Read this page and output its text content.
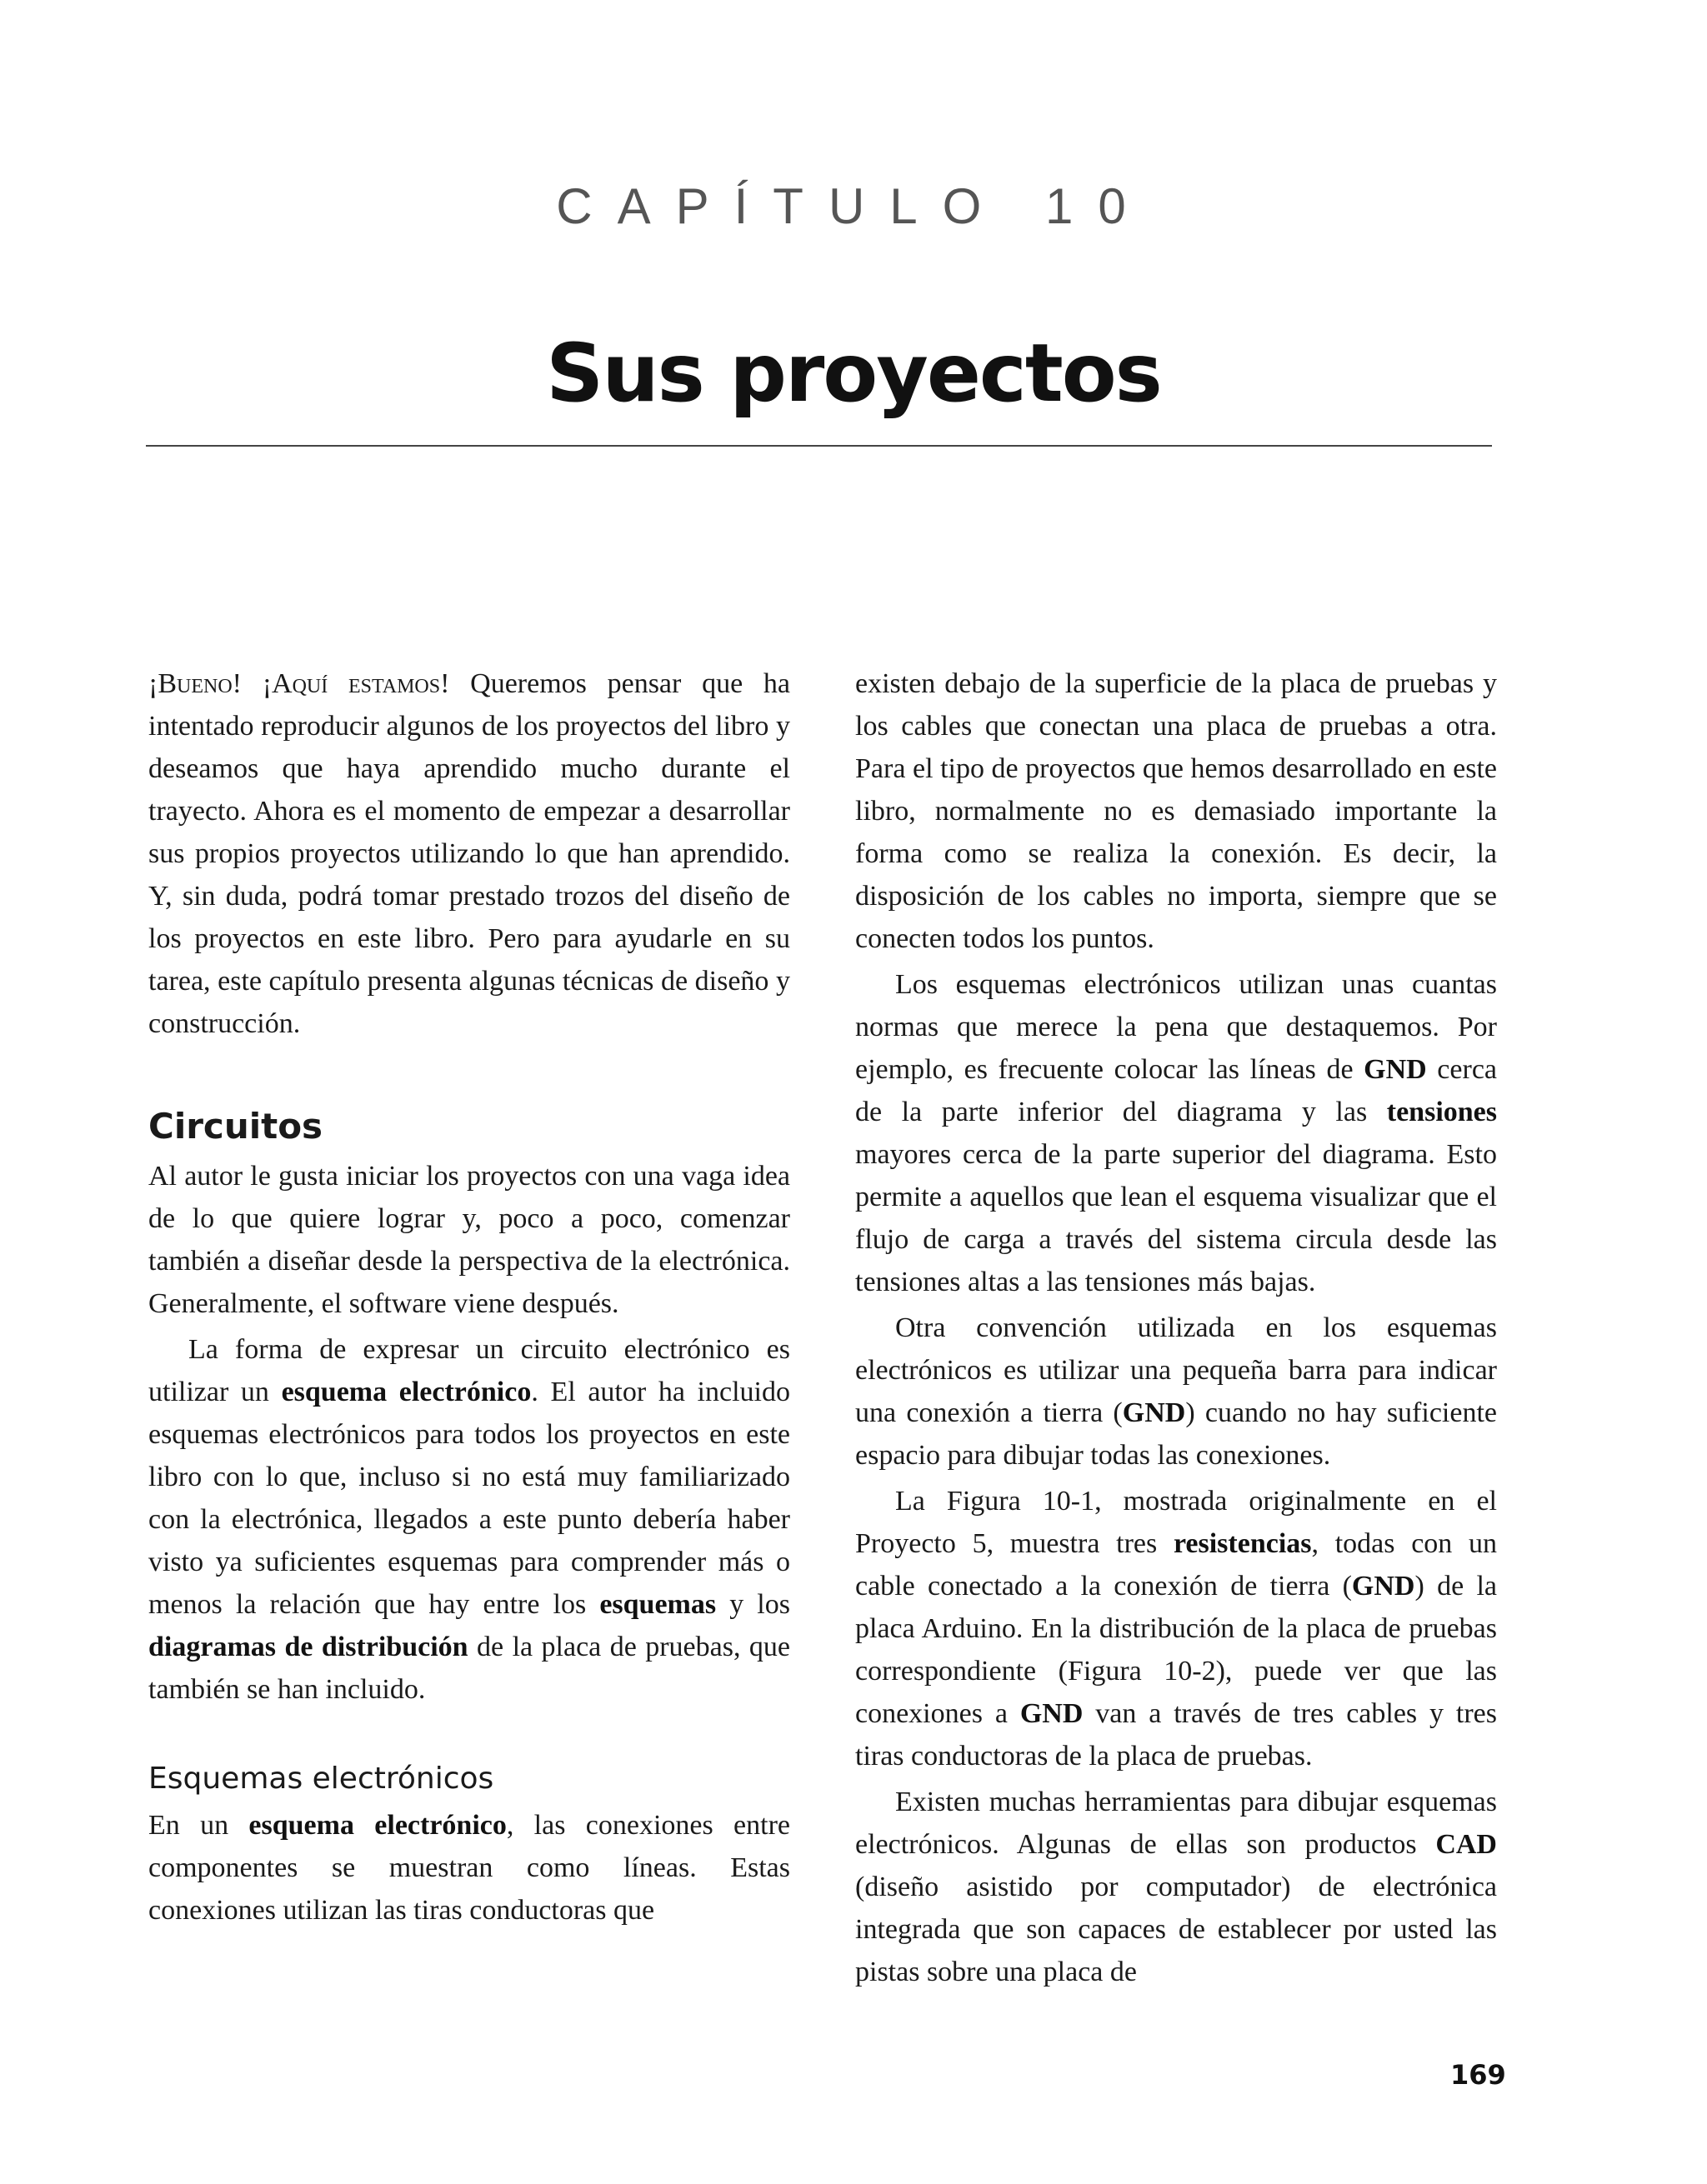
CAPÍTULO 10
Sus proyectos

¡Bueno! ¡Aquí estamos! Queremos pensar que ha intentado reproducir algunos de los proyectos del libro y deseamos que haya aprendido mucho durante el trayecto. Ahora es el momento de empezar a desarrollar sus propios proyectos utilizando lo que han aprendido. Y, sin duda, podrá tomar prestado trozos del diseño de los proyectos en este libro. Pero para ayudarle en su tarea, este capítulo presenta algunas técnicas de diseño y construcción.

Circuitos

Al autor le gusta iniciar los proyectos con una vaga idea de lo que quiere lograr y, poco a poco, comenzar también a diseñar desde la perspectiva de la electrónica. Generalmente, el software viene después.

La forma de expresar un circuito electrónico es utilizar un esquema electrónico. El autor ha incluido esquemas electrónicos para todos los proyectos en este libro con lo que, incluso si no está muy familiarizado con la electrónica, llegados a este punto debería haber visto ya suficientes esquemas para comprender más o menos la relación que hay entre los esquemas y los diagramas de distribución de la placa de pruebas, que también se han incluido.

Esquemas electrónicos

En un esquema electrónico, las conexiones entre componentes se muestran como líneas. Estas conexiones utilizan las tiras conductoras que

existen debajo de la superficie de la placa de pruebas y los cables que conectan una placa de pruebas a otra. Para el tipo de proyectos que hemos desarrollado en este libro, normalmente no es demasiado importante la forma como se realiza la conexión. Es decir, la disposición de los cables no importa, siempre que se conecten todos los puntos.

Los esquemas electrónicos utilizan unas cuantas normas que merece la pena que destaquemos. Por ejemplo, es frecuente colocar las líneas de GND cerca de la parte inferior del diagrama y las tensiones mayores cerca de la parte superior del diagrama. Esto permite a aquellos que lean el esquema visualizar que el flujo de carga a través del sistema circula desde las tensiones altas a las tensiones más bajas.

Otra convención utilizada en los esquemas electrónicos es utilizar una pequeña barra para indicar una conexión a tierra (GND) cuando no hay suficiente espacio para dibujar todas las conexiones.

La Figura 10-1, mostrada originalmente en el Proyecto 5, muestra tres resistencias, todas con un cable conectado a la conexión de tierra (GND) de la placa Arduino. En la distribución de la placa de pruebas correspondiente (Figura 10-2), puede ver que las conexiones a GND van a través de tres cables y tres tiras conductoras de la placa de pruebas.

Existen muchas herramientas para dibujar esquemas electrónicos. Algunas de ellas son productos CAD (diseño asistido por computador) de electrónica integrada que son capaces de establecer por usted las pistas sobre una placa de

169
